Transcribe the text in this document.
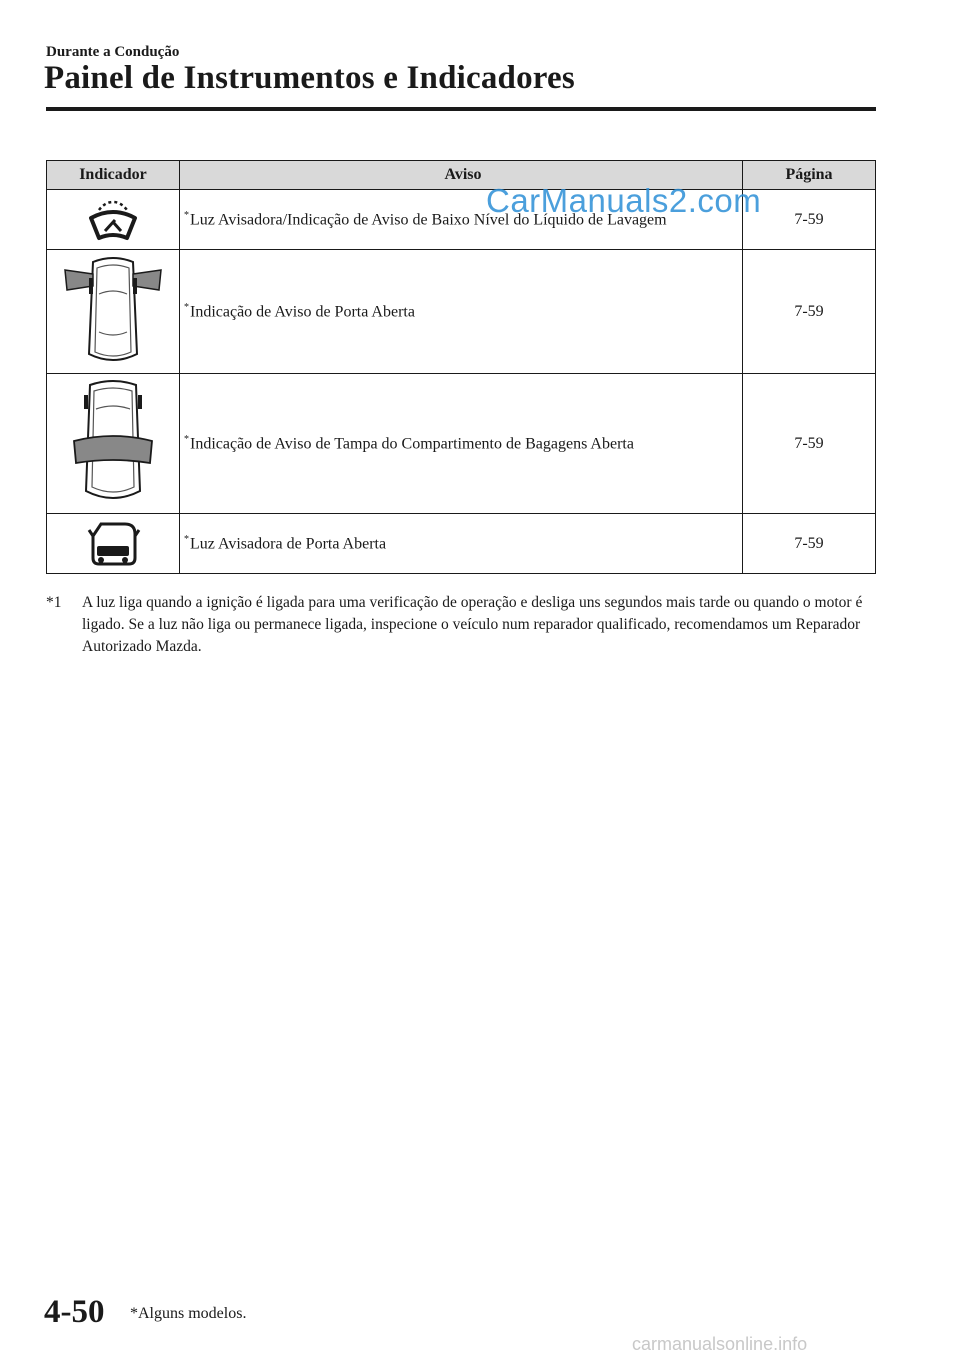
Durante a Condução
Painel de Instrumentos e Indicadores
Indicador	Aviso	Página

	*Luz Avisadora/Indicação de Aviso de Baixo Nível do Líquido de Lavagem	7-59

	*Indicação de Aviso de Porta Aberta	7-59

	*Indicação de Aviso de Tampa do Compartimento de Bagagens Aberta	7-59

	*Luz Avisadora de Porta Aberta	7-59
CarManuals2.com
*1 A luz liga quando a ignição é ligada para uma verificação de operação e desliga uns segundos mais tarde ou quando o motor é ligado. Se a luz não liga ou permanece ligada, inspecione o veículo num reparador qualificado, recomendamos um Reparador Autorizado Mazda.
4-50 *Alguns modelos.
carmanualsonline.info
